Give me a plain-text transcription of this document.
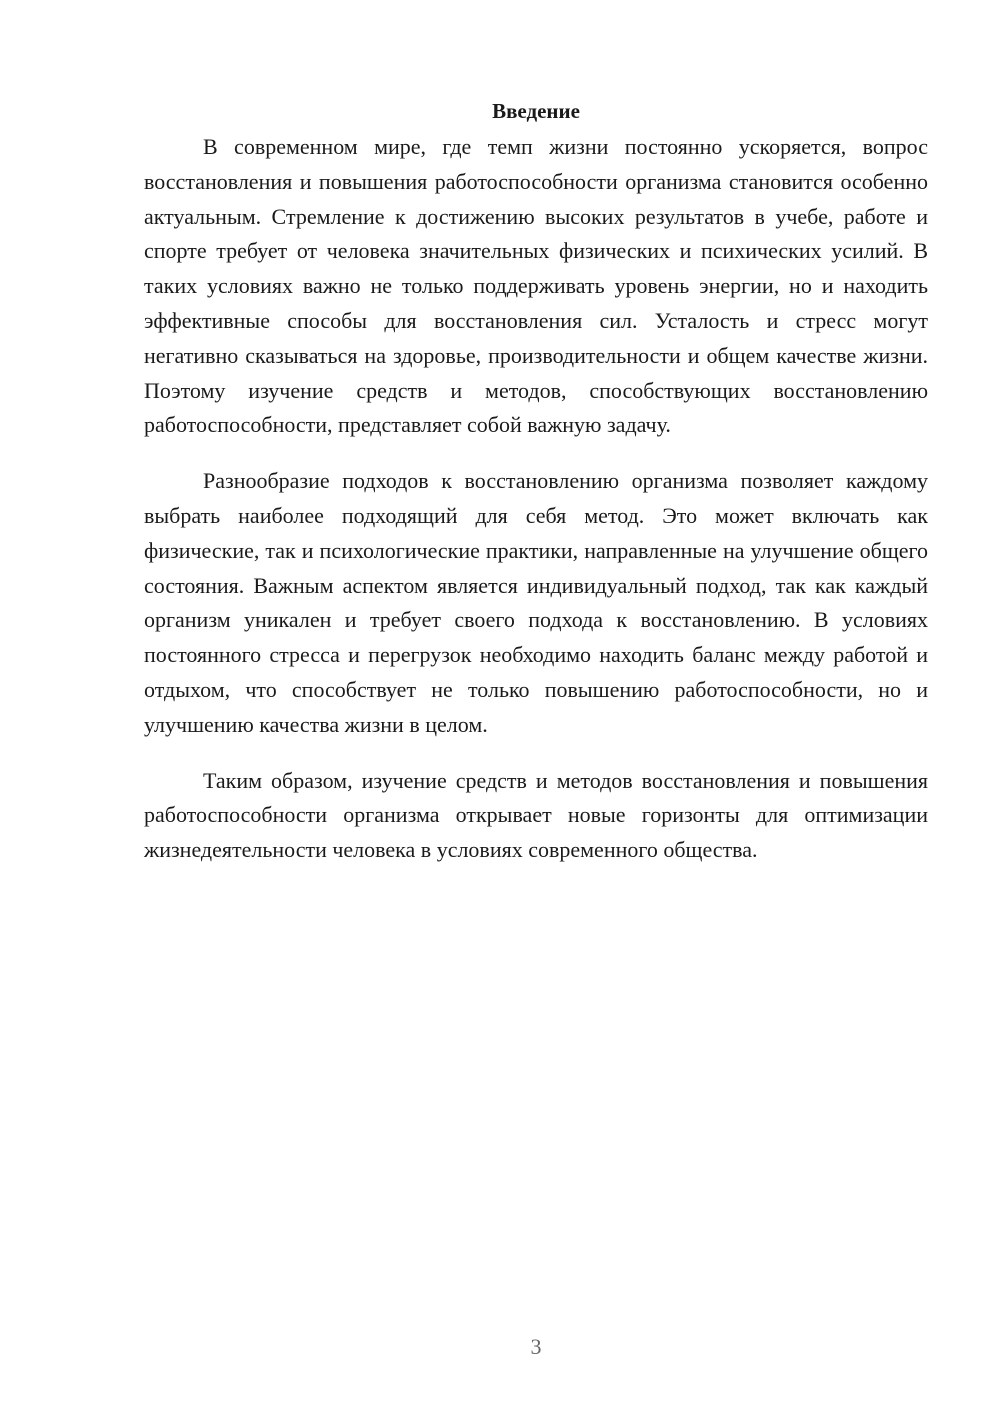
Введение

В современном мире, где темп жизни постоянно ускоряется, вопрос восстановления и повышения работоспособности организма становится особенно актуальным. Стремление к достижению высоких результатов в учебе, работе и спорте требует от человека значительных физических и психических усилий. В таких условиях важно не только поддерживать уровень энергии, но и находить эффективные способы для восстановления сил. Усталость и стресс могут негативно сказываться на здоровье, производительности и общем качестве жизни. Поэтому изучение средств и методов, способствующих восстановлению работоспособности, представляет собой важную задачу.

Разнообразие подходов к восстановлению организма позволяет каждому выбрать наиболее подходящий для себя метод. Это может включать как физические, так и психологические практики, направленные на улучшение общего состояния. Важным аспектом является индивидуальный подход, так как каждый организм уникален и требует своего подхода к восстановлению. В условиях постоянного стресса и перегрузок необходимо находить баланс между работой и отдыхом, что способствует не только повышению работоспособности, но и улучшению качества жизни в целом.

Таким образом, изучение средств и методов восстановления и повышения работоспособности организма открывает новые горизонты для оптимизации жизнедеятельности человека в условиях современного общества.

3
